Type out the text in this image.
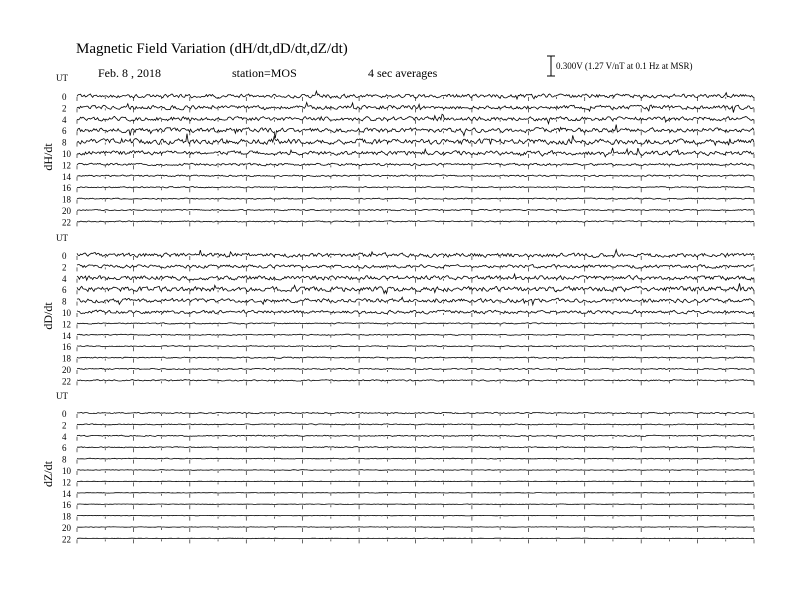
Magnetic Field Variation (dH/dt,dD/dt,dZ/dt)
Feb. 8 , 2018	station=MOS	4 sec averages	0.300V (1.27 V/nT at 0.1 Hz at MSR)
UT
dH/dt
0
2
4
6
8
10
12
14
16
18
20
22
UT
dD/dt
0
2
4
6
8
10
12
14
16
18
20
22
UT
dZ/dt
0
2
4
6
8
10
12
14
16
18
20
22
